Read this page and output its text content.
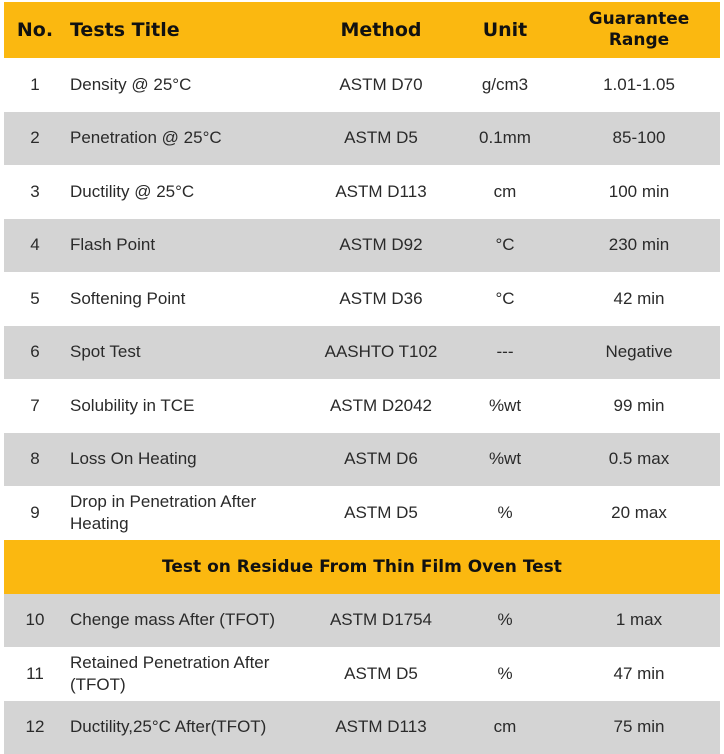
No.	Tests Title	Method	Unit	Guarantee
Range
1	Density @ 25°C	ASTM D70	g/cm3	1.01-1.05
2	Penetration @ 25°C	ASTM D5	0.1mm	85-100
3	Ductility @ 25°C	ASTM D113	cm	100 min
4	Flash Point	ASTM D92	°C	230 min
5	Softening Point	ASTM D36	°C	42 min
6	Spot Test	AASHTO T102	---	Negative
7	Solubility in TCE	ASTM D2042	%wt	99 min
8	Loss On Heating	ASTM D6	%wt	0.5 max
9	Drop in Penetration After Heating	ASTM D5	%	20 max
Test on Residue From Thin Film Oven Test				
10	Chenge mass After (TFOT)	ASTM D1754	%	1 max
11	Retained Penetration After (TFOT)	ASTM D5	%	47 min
12	Ductility,25°C After(TFOT)	ASTM D113	cm	75 min
